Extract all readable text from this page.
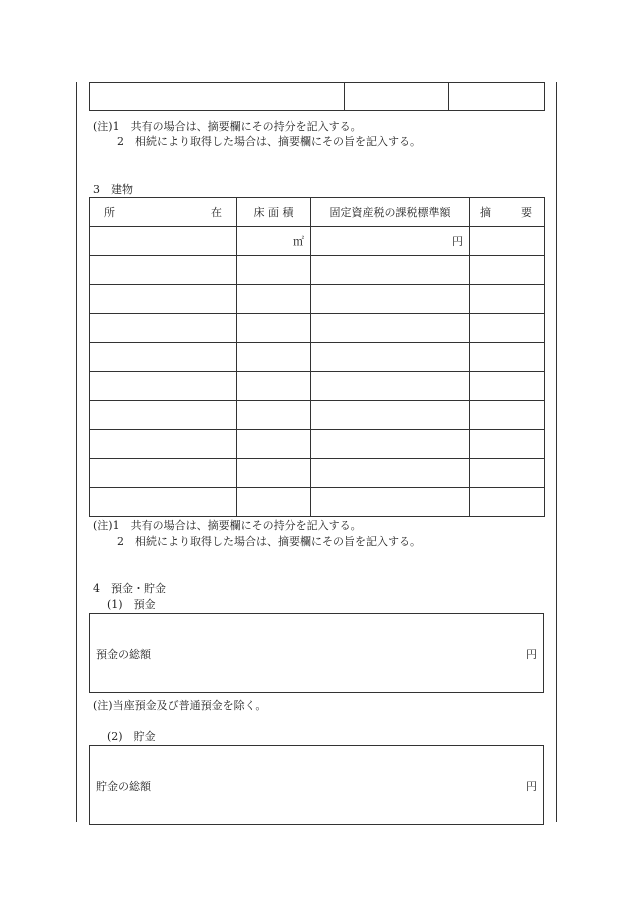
(注)1　共有の場合は、摘要欄にその持分を記入する。
2　相続により取得した場合は、摘要欄にその旨を記入する。
3　建物
所 在	床 面 積	固定資産税の課税標準額	摘 要

	㎡	円	

(注)1　共有の場合は、摘要欄にその持分を記入する。
2　相続により取得した場合は、摘要欄にその旨を記入する。
4　預金・貯金
(1)　預金
預金の総額	円
(注)当座預金及び普通預金を除く。
(2)　貯金
貯金の総額	円
